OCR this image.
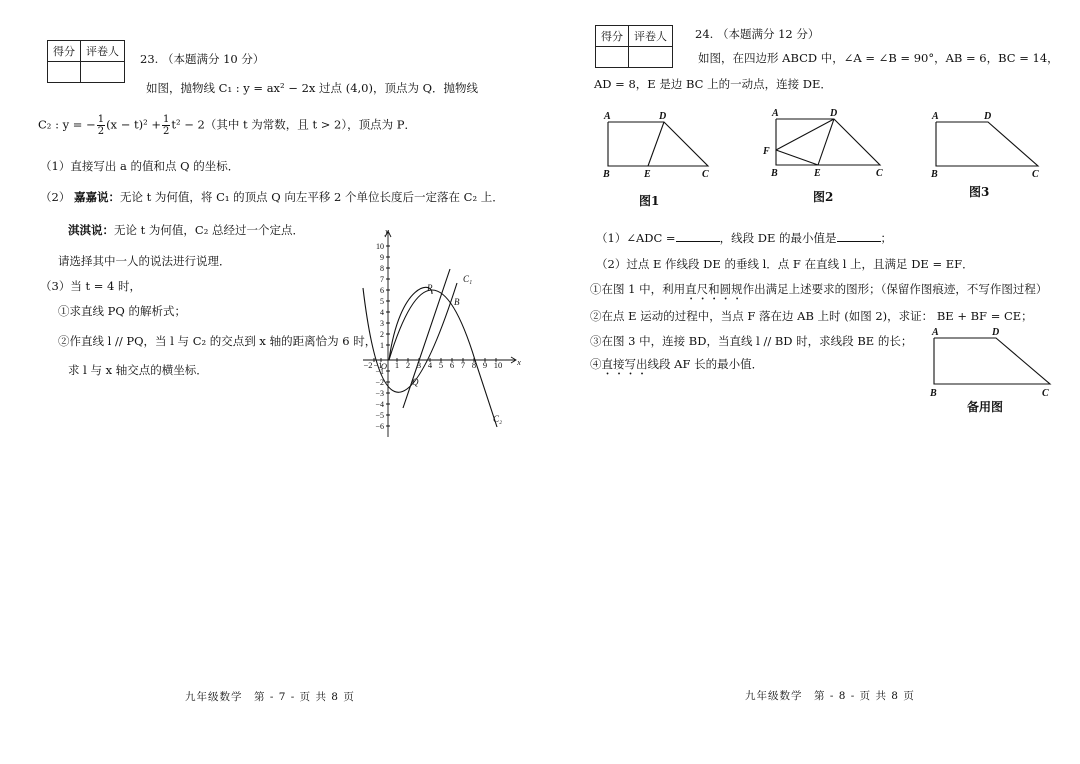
得分	评卷人

23. （本题满分 10 分）
如图，抛物线 C₁ : y = ax² − 2x 过点 (4,0)，顶点为 Q．抛物线
C₂ : y = − $\frac{1}{2} (x - t)^2 + \frac{1}{2} t^2 - 2$（其中 t 为常数，且 t > 2），顶点为 P．
（1）直接写出 a 的值和点 Q 的坐标．
（2） 嘉嘉说：无论 t 为何值，将 C₁ 的顶点 Q 向左平移 2 个单位长度后一定落在 C₂ 上．
淇淇说：无论 t 为何值，C₂ 总经过一个定点．
请选择其中一人的说法进行说理．
（3）当 t = 4 时，
①求直线 PQ 的解析式；
②作直线 l // PQ，当 l 与 C₂ 的交点到 x 轴的距离恰为 6 时，
求 l 与 x 轴交点的横坐标．
y
x
O
−2 −1 1 2 3 4 5 6 7 8 9 10
10
9
8
7
6
5
4
3
2
1
−1
−2
−3
−4
−5
−6
C₁
C₂
P
B
Q
九年级数学　第 - 7 - 页 共 8 页
得分	评卷人
	24. （本题满分 12 分）
如图，在四边形 ABCD 中，∠A = ∠B = 90°，AB = 6，BC = 14，
AD = 8，E 是边 BC 上的一动点，连接 DE．
A	D
B	E	C
图1
A	D
F
B	E	C
图2
A	D
B	C
图3
（1）∠ADC =	，线段 DE 的最小值是	；
（2）过点 E 作线段 DE 的垂线 l．点 F 在直线 l 上，且满足 DE = EF．
①在图 1 中，利用直尺和圆规作出满足上述要求的图形；（保留作图痕迹，不写作图过程）
②在点 E 运动的过程中，当点 F 落在边 AB 上时 (如图 2)，求证： BE + BF = CE；
③在图 3 中，连接 BD，当直线 l // BD 时，求线段 BE 的长；
④直接写出线段 AF 长的最小值．
A	D
B	C
备用图
九年级数学　第 - 8 - 页 共 8 页
